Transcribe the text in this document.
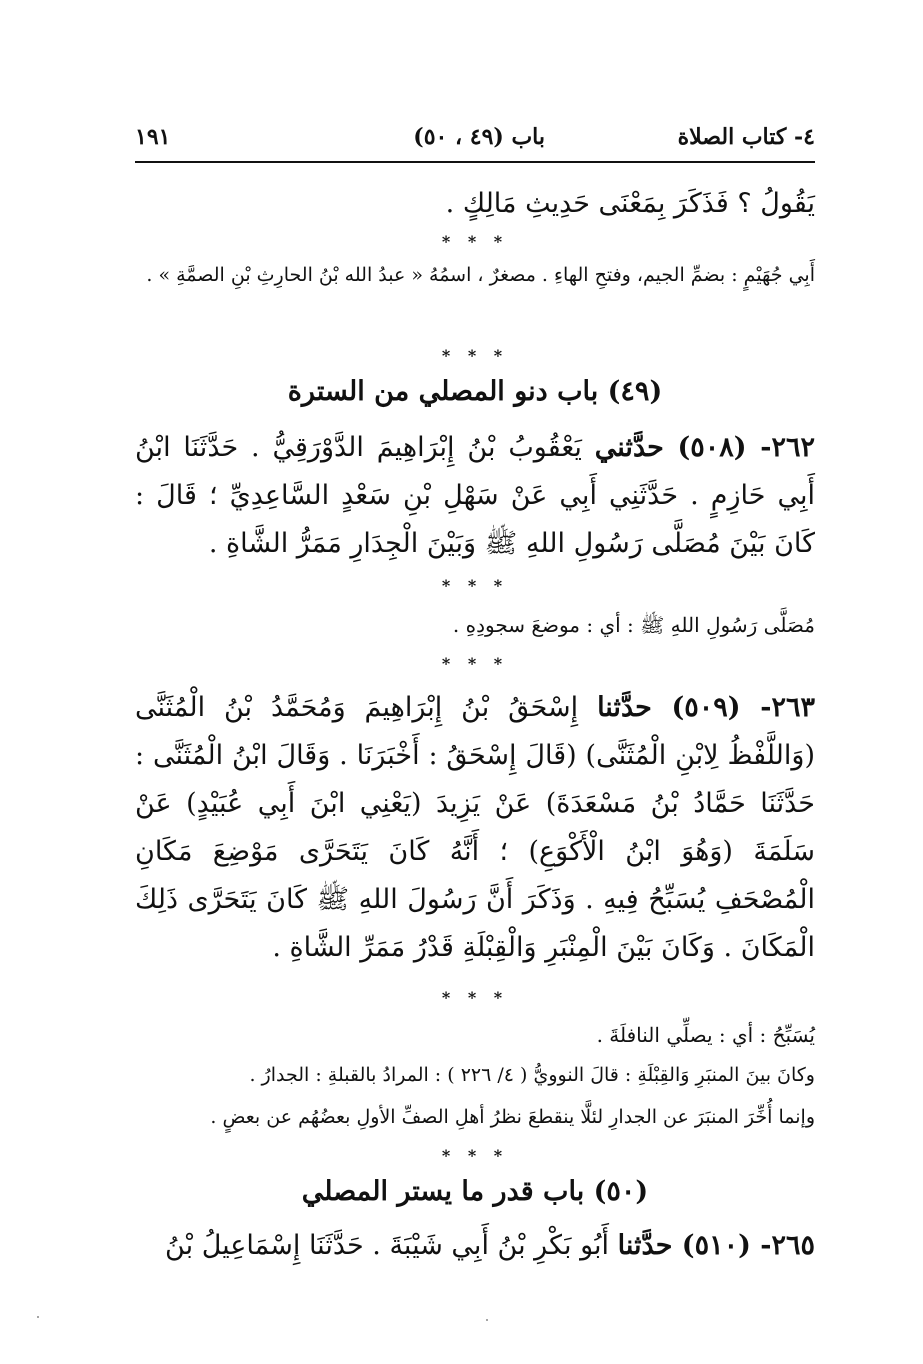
٤- كتاب الصلاة
باب (٤٩ ، ٥٠)
١٩١
يَقُولُ ؟ فَذَكَرَ بِمَعْنَى حَدِيثِ مَالِكٍ .
* * *
أَبِي جُهَيْمٍ : بضمِّ الجيم، وفتحِ الهاءِ . مصغرٌ ، اسمُهُ « عبدُ الله بْنُ الحارِثِ بْنِ الصمَّةِ » .
* * *
(٤٩) باب دنو المصلي من السترة
٢٦٢- (٥٠٨) حدَّثني يَعْقُوبُ بْنُ إِبْرَاهِيمَ الدَّوْرَقِيُّ . حَدَّثَنَا ابْنُ أَبِي حَازِمٍ . حَدَّثَنِي أَبِي عَنْ سَهْلِ بْنِ سَعْدٍ السَّاعِدِيِّ ؛ قَالَ : كَانَ بَيْنَ مُصَلَّى رَسُولِ اللهِ ﷺ وَبَيْنَ الْجِدَارِ مَمَرُّ الشَّاةِ .
* * *
مُصَلَّى رَسُولِ اللهِ ﷺ : أي : موضعَ سجودِهِ .
* * *
٢٦٣- (٥٠٩) حدَّثنا إِسْحَقُ بْنُ إِبْرَاهِيمَ وَمُحَمَّدُ بْنُ الْمُثَنَّى (وَاللَّفْظُ لِابْنِ الْمُثَنَّى) (قَالَ إِسْحَقُ : أَخْبَرَنَا . وَقَالَ ابْنُ الْمُثَنَّى : حَدَّثَنَا حَمَّادُ بْنُ مَسْعَدَةَ) عَنْ يَزِيدَ (يَعْنِي ابْنَ أَبِي عُبَيْدٍ) عَنْ سَلَمَةَ (وَهُوَ ابْنُ الْأَكْوَعِ) ؛ أَنَّهُ كَانَ يَتَحَرَّى مَوْضِعَ مَكَانِ الْمُصْحَفِ يُسَبِّحُ فِيهِ . وَذَكَرَ أَنَّ رَسُولَ اللهِ ﷺ كَانَ يَتَحَرَّى ذَلِكَ الْمَكَانَ . وَكَانَ بَيْنَ الْمِنْبَرِ وَالْقِبْلَةِ قَدْرُ مَمَرِّ الشَّاةِ .
* * *
يُسَبِّحُ : أي : يصلِّي النافلَةَ .
وكانَ بينَ المنبَرِ وَالقِبْلَةِ : قالَ النوويُّ ( ٤/ ٢٢٦ ) : المرادُ بالقبلةِ : الجدارُ .
وإنما أُخِّرَ المنبَرَ عن الجدارِ لئلَّا ينقطعَ نظرُ أهلِ الصفِّ الأولِ بعضُهُم عن بعضٍ .
* * *
(٥٠) باب قدر ما يستر المصلي
٢٦٥- (٥١٠) حدَّثنا أَبُو بَكْرِ بْنُ أَبِي شَيْبَةَ . حَدَّثَنَا إِسْمَاعِيلُ بْنُ
